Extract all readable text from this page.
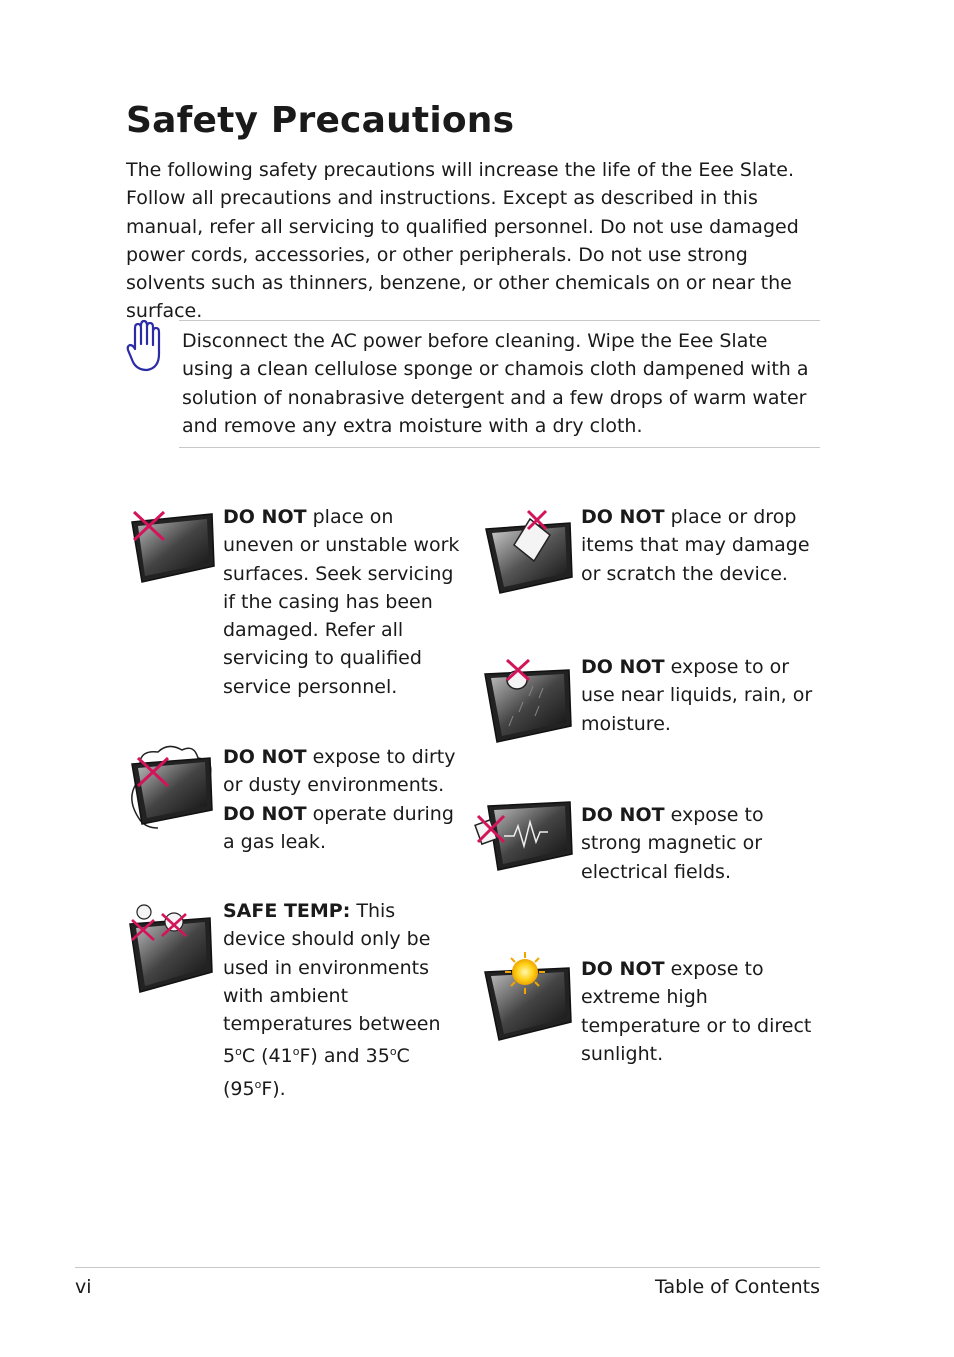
Safety Precautions

The following safety precautions will increase the life of the Eee Slate. Follow all precautions and instructions. Except as described in this manual, refer all servicing to qualified personnel. Do not use damaged power cords, accessories, or other peripherals. Do not use strong solvents such as thinners, benzene, or other chemicals on or near the surface.

Disconnect the AC power before cleaning. Wipe the Eee Slate using a clean cellulose sponge or chamois cloth dampened with a solution of nonabrasive detergent and a few drops of warm water and remove any extra moisture with a dry cloth.

DO NOT place on uneven or unstable work surfaces. Seek servicing if the casing has been damaged. Refer all servicing to qualified service personnel.

DO NOT place or drop items that may damage or scratch the device.

DO NOT expose to or use near liquids, rain, or moisture.

DO NOT expose to dirty or dusty environments. DO NOT operate during a gas leak.

DO NOT expose to strong magnetic or electrical fields.

SAFE TEMP: This device should only be used in environments with ambient temperatures between 5$^o$C (41$^o$F) and 35$^o$C (95$^o$F).

DO NOT expose to extreme high temperature or to direct sunlight.

vi	Table of Contents
